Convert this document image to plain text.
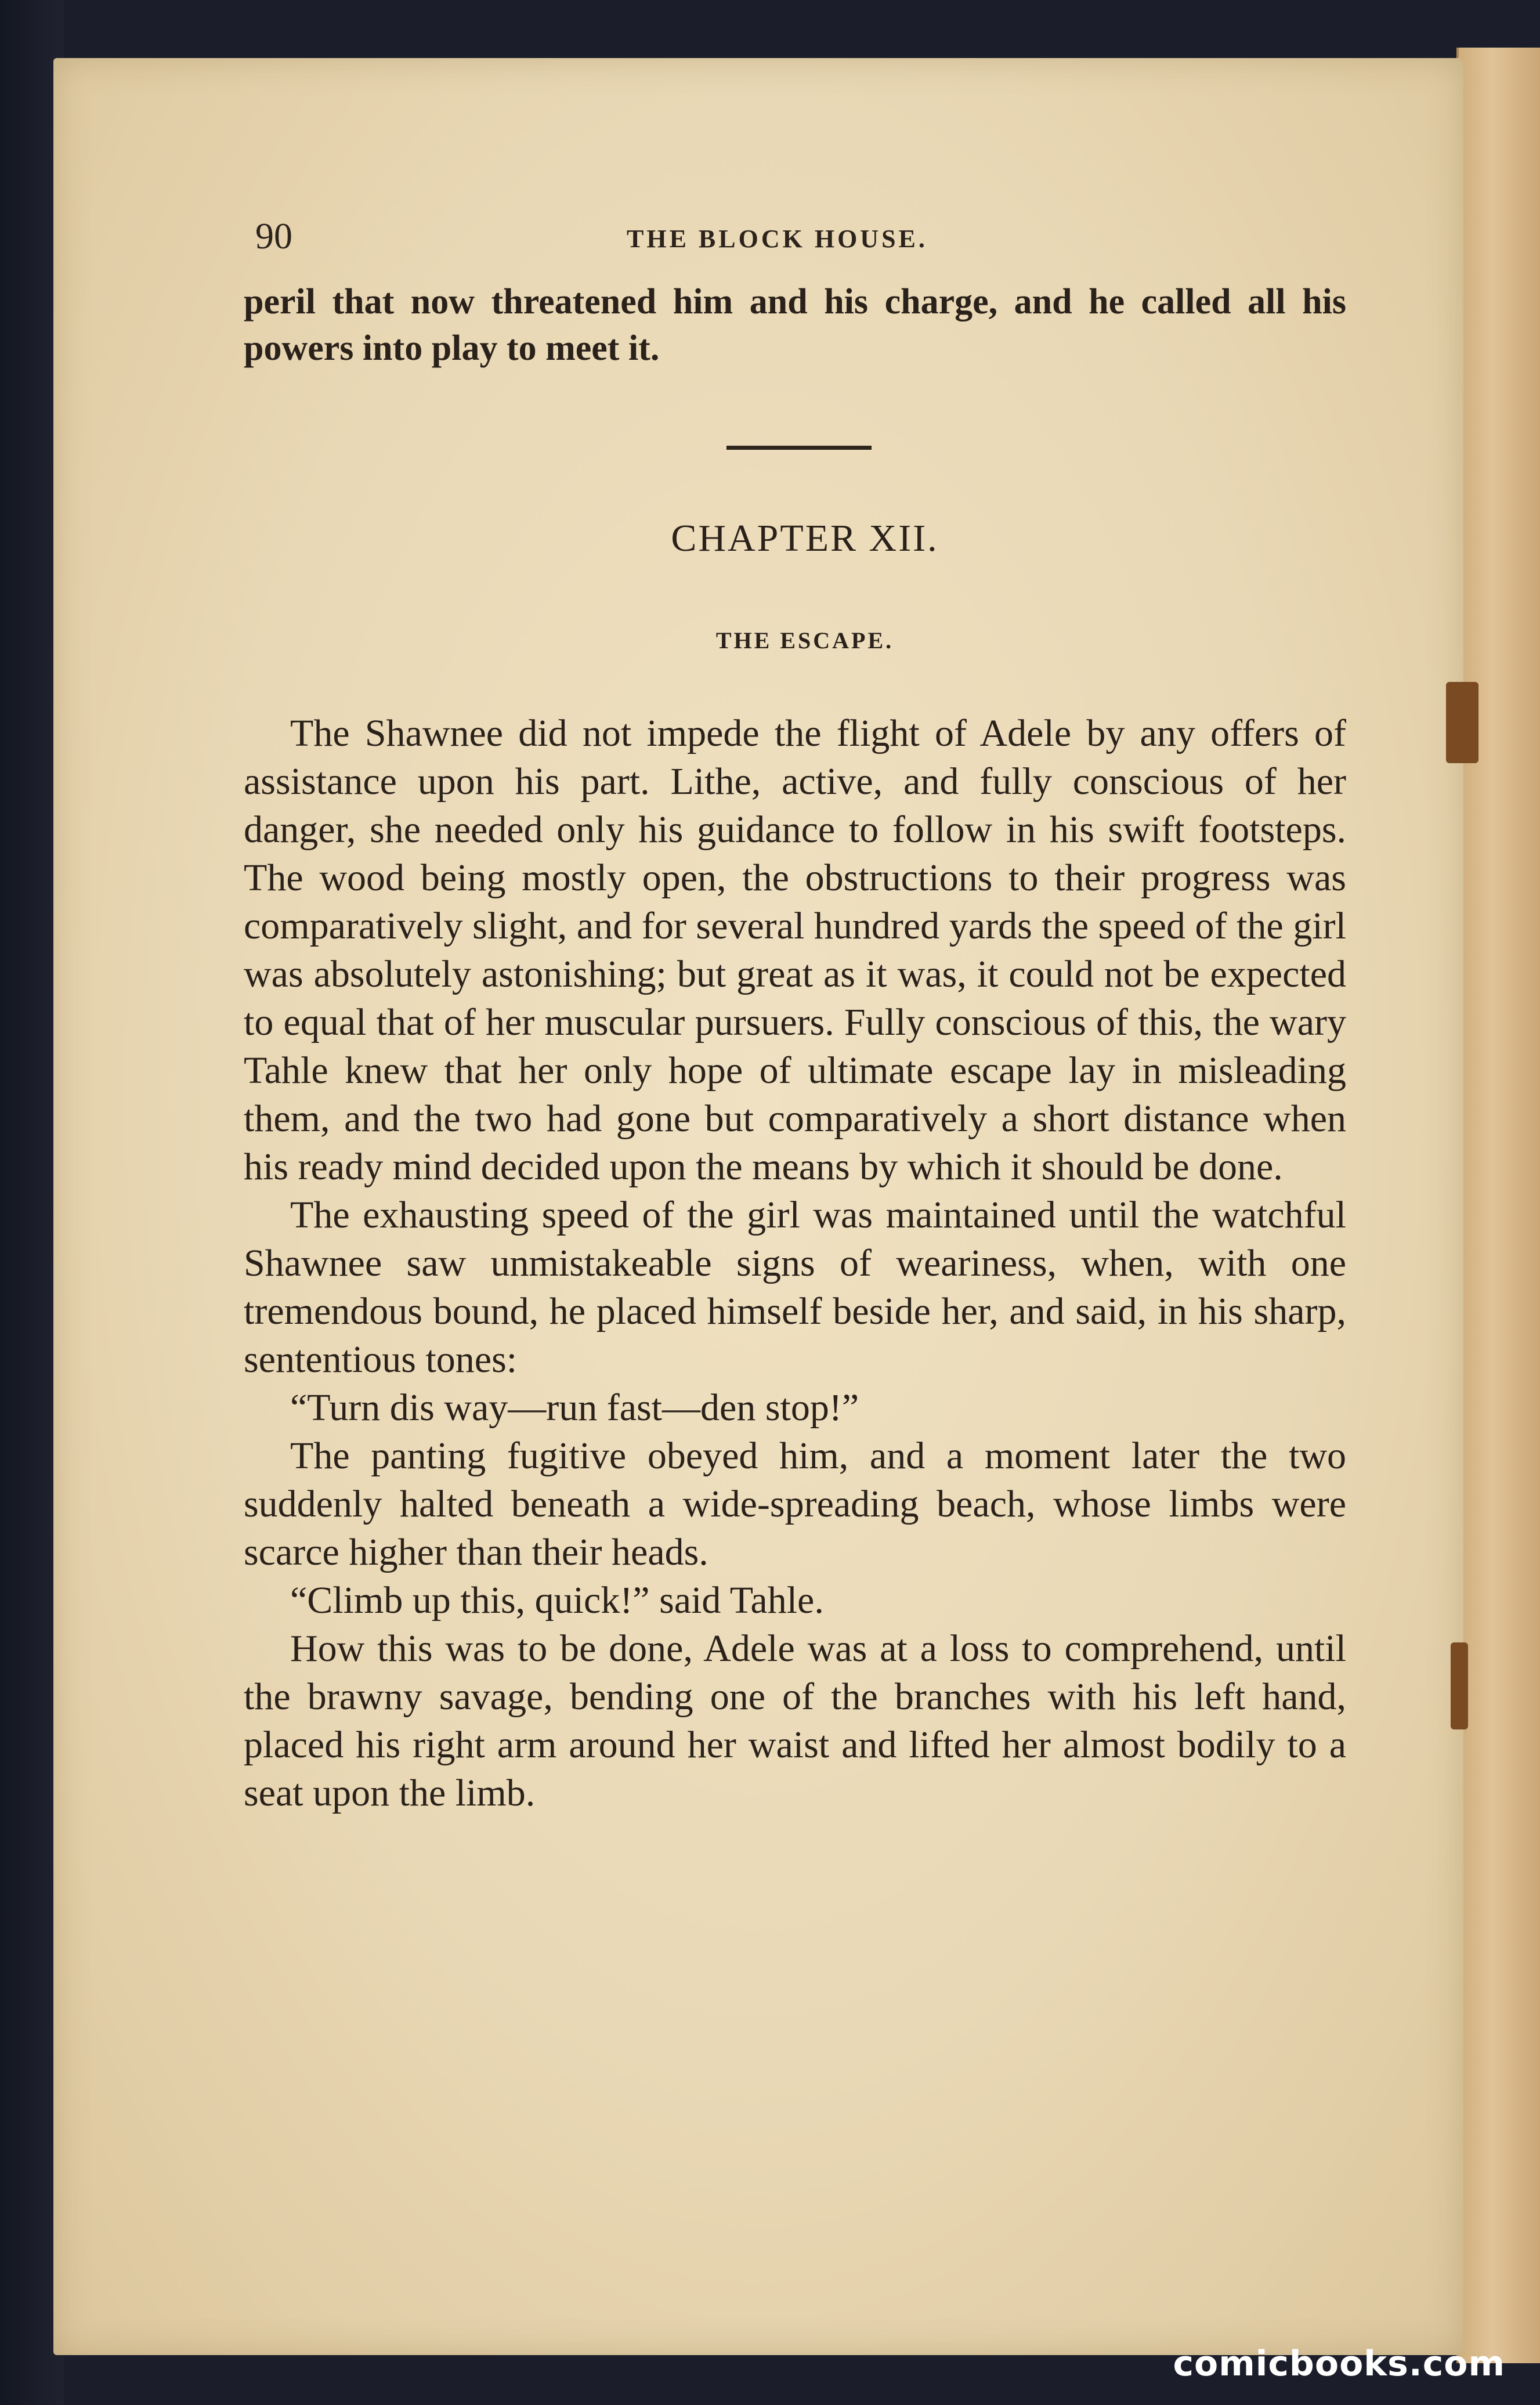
90	THE BLOCK HOUSE.

peril that now threatened him and his charge, and he called all his powers into play to meet it.

CHAPTER XII.
THE ESCAPE.

The Shawnee did not impede the flight of Adele by any offers of assistance upon his part. Lithe, active, and fully conscious of her danger, she needed only his guidance to follow in his swift footsteps. The wood being mostly open, the obstructions to their progress was comparatively slight, and for several hundred yards the speed of the girl was absolutely astonishing; but great as it was, it could not be expected to equal that of her muscular pursuers. Fully conscious of this, the wary Tahle knew that her only hope of ultimate escape lay in misleading them, and the two had gone but comparatively a short distance when his ready mind decided upon the means by which it should be done.

The exhausting speed of the girl was maintained until the watchful Shawnee saw unmistakeable signs of weariness, when, with one tremendous bound, he placed himself beside her, and said, in his sharp, sententious tones:

“Turn dis way—run fast—den stop!”

The panting fugitive obeyed him, and a moment later the two suddenly halted beneath a wide-spreading beach, whose limbs were scarce higher than their heads.

“Climb up this, quick!” said Tahle.

How this was to be done, Adele was at a loss to comprehend, until the brawny savage, bending one of the branches with his left hand, placed his right arm around her waist and lifted her almost bodily to a seat upon the limb.

comicbooks.com
